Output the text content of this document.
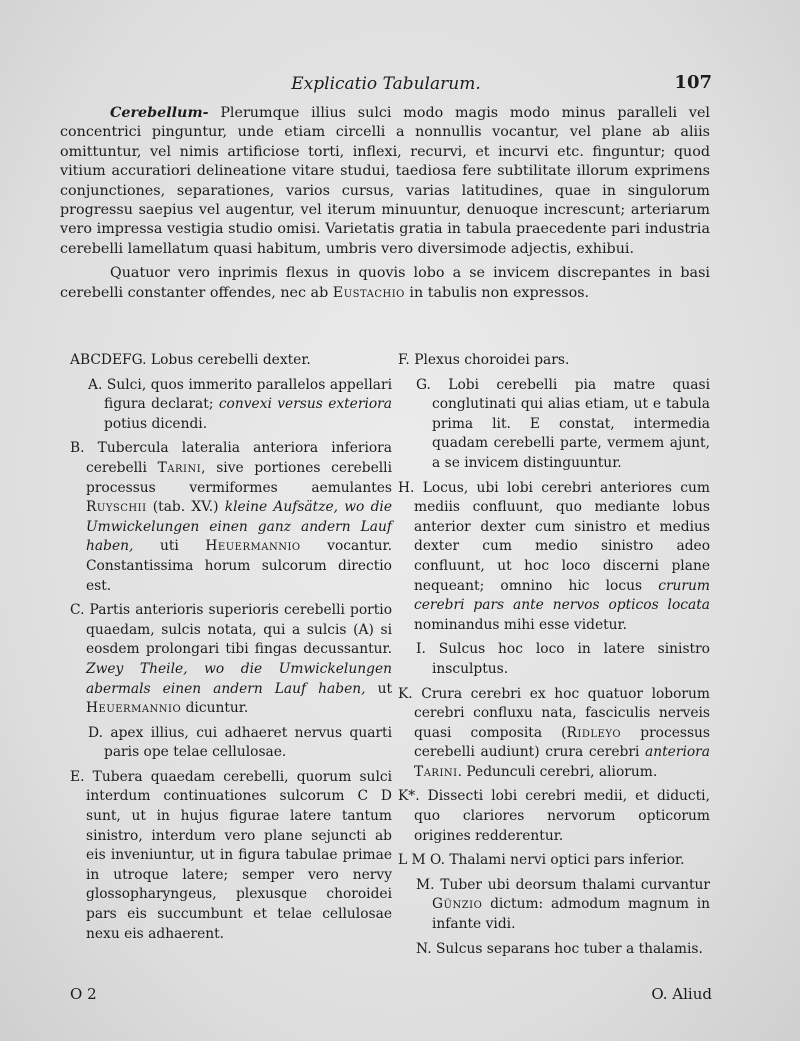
Explicatio Tabularum.	107

Cerebellum- Plerumque illius sulci modo magis modo minus paralleli vel concentrici pinguntur, unde etiam circelli a nonnullis vocantur, vel plane ab aliis omittuntur, vel nimis artificiose torti, inflexi, recurvi, et incurvi etc. finguntur; quod vitium accuratiori delineatione vitare studui, taediosa fere subtilitate illorum exprimens conjunctiones, separationes, varios cursus, varias latitudines, quae in singulorum progressu saepius vel augentur, vel iterum minuuntur, denuoque increscunt; arteriarum vero impressa vestigia studio omisi. Varietatis gratia in tabula praecedente pari industria cerebelli lamellatum quasi habitum, umbris vero diversimode adjectis, exhibui.

Quatuor vero inprimis flexus in quovis lobo a se invicem discrepantes in basi cerebelli constanter offendes, nec ab Eustachio in tabulis non expressos.

ABCDEFG. Lobus cerebelli dexter.
A. Sulci, quos immerito parallelos appellari figura declarat; convexi versus exteriora potius dicendi.
B. Tubercula lateralia anteriora inferiora cerebelli Tarini, sive portiones cerebelli processus vermiformes aemulantes Ruyschii (tab. XV.) kleine Aufsätze, wo die Umwickelungen einen ganz andern Lauf haben, uti Heuermannio vocantur. Constantissima horum sulcorum directio est.
C. Partis anterioris superioris cerebelli portio quaedam, sulcis notata, qui a sulcis (A) si eosdem prolongari tibi fingas decussantur. Zwey Theile, wo die Umwickelungen abermals einen andern Lauf haben, ut Heuermannio dicuntur.
D. apex illius, cui adhaeret nervus quarti paris ope telae cellulosae.
E. Tubera quaedam cerebelli, quorum sulci interdum continuationes sulcorum C D sunt, ut in hujus figurae latere tantum sinistro, interdum vero plane sejuncti ab eis inveniuntur, ut in figura tabulae primae in utroque latere; semper vero nervy glossopharyngeus, plexusque choroidei pars eis succumbunt et telae cellulosae nexu eis adhaerent.
F. Plexus choroidei pars.
G. Lobi cerebelli pia matre quasi conglutinati qui alias etiam, ut e tabula prima lit. E constat, intermedia quadam cerebelli parte, vermem ajunt, a se invicem distinguuntur.
H. Locus, ubi lobi cerebri anteriores cum mediis confluunt, quo mediante lobus anterior dexter cum sinistro et medius dexter cum medio sinistro adeo confluunt, ut hoc loco discerni plane nequeant; omnino hic locus crurum cerebri pars ante nervos opticos locata nominandus mihi esse videtur.
I. Sulcus hoc loco in latere sinistro insculptus.
K. Crura cerebri ex hoc quatuor loborum cerebri confluxu nata, fasciculis nerveis quasi composita (Ridleyo processus cerebelli audiunt) crura cerebri anteriora Tarini. Pedunculi cerebri, aliorum.
K*. Dissecti lobi cerebri medii, et diducti, quo clariores nervorum opticorum origines redderentur.
L M O. Thalami nervi optici pars inferior.
M. Tuber ubi deorsum thalami curvantur Günzio dictum: admodum magnum in infante vidi.
N. Sulcus separans hoc tuber a thalamis.
O 2	O. Aliud
